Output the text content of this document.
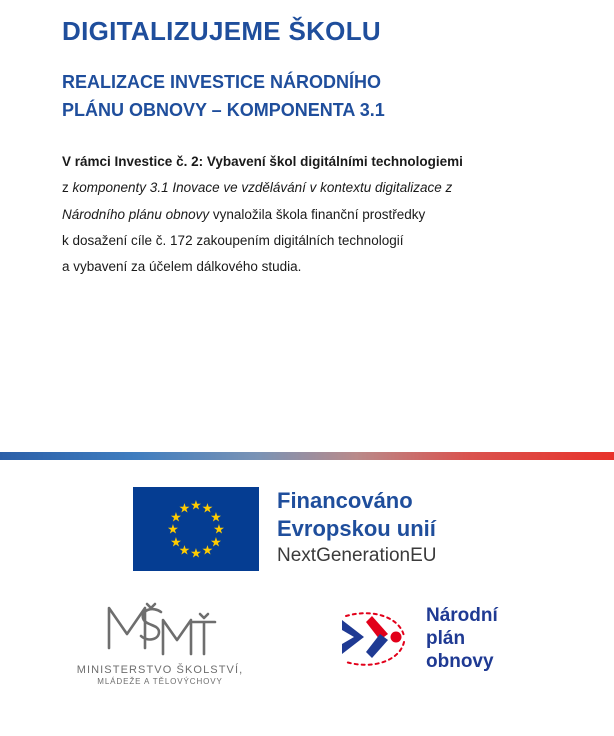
DIGITALIZUJEME ŠKOLU
REALIZACE INVESTICE NÁRODNÍHO
PLÁNU OBNOVY – KOMPONENTA 3.1

V rámci Investice č. 2: Vybavení škol digitálními technologiemi
z komponenty 3.1 Inovace ve vzdělávání v kontextu digitalizace z
Národního plánu obnovy vynaložila škola finanční prostředky
k dosažení cíle č. 172 zakoupením digitálních technologií
a vybavení za účelem dálkového studia.

★ ★
★
★
★
★
★
★
★
★
★
★	Financováno
Evropskou unií
NextGenerationEU
MINISTERSTVO ŠKOLSTVÍ,
MLÁDEŽE A TĚLOVÝCHOVY
Národní
plán
obnovy
